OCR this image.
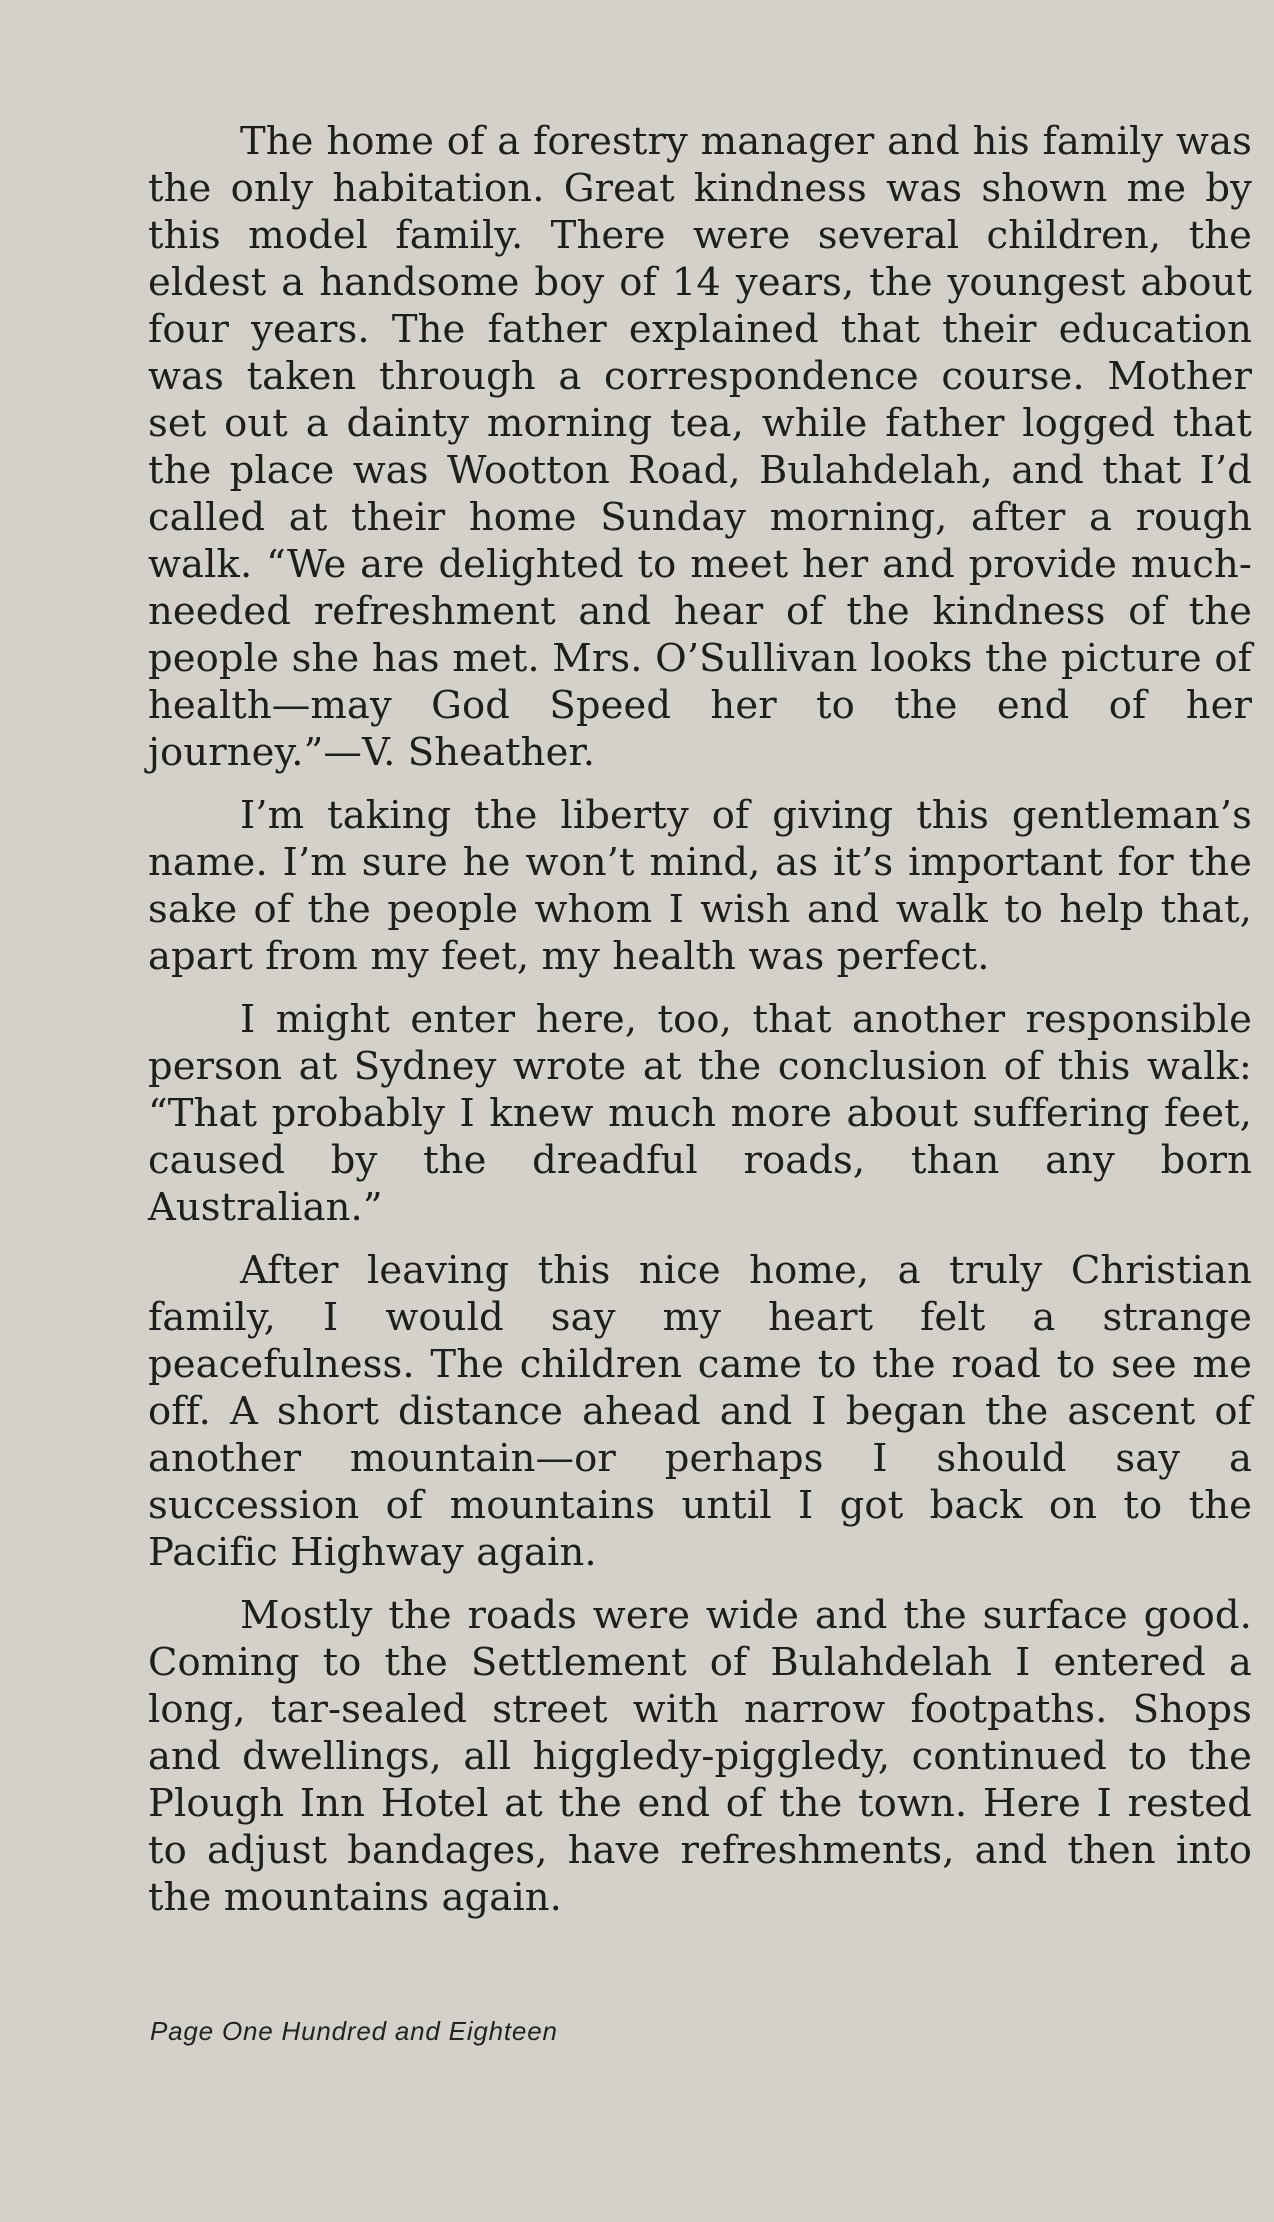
The home of a forestry manager and his family was the only habitation. Great kindness was shown me by this model family. There were several children, the eldest a handsome boy of 14 years, the youngest about four years. The father explained that their education was taken through a correspondence course. Mother set out a dainty morning tea, while father logged that the place was Wootton Road, Bulahdelah, and that I’d called at their home Sunday morning, after a rough walk. “We are delighted to meet her and provide much-needed refreshment and hear of the kindness of the people she has met. Mrs. O’Sullivan looks the picture of health—may God Speed her to the end of her journey.”—V. Sheather.

I’m taking the liberty of giving this gentleman’s name. I’m sure he won’t mind, as it’s important for the sake of the people whom I wish and walk to help that, apart from my feet, my health was perfect.

I might enter here, too, that another responsible person at Sydney wrote at the conclusion of this walk: “That probably I knew much more about suffering feet, caused by the dreadful roads, than any born Australian.”

After leaving this nice home, a truly Christian family, I would say my heart felt a strange peacefulness. The children came to the road to see me off. A short distance ahead and I began the ascent of another mountain—or perhaps I should say a succession of mountains until I got back on to the Pacific Highway again.

Mostly the roads were wide and the surface good. Coming to the Settlement of Bulahdelah I entered a long, tar-sealed street with narrow footpaths. Shops and dwellings, all higgledy-piggledy, continued to the Plough Inn Hotel at the end of the town. Here I rested to adjust bandages, have refreshments, and then into the mountains again.

Page One Hundred and Eighteen
